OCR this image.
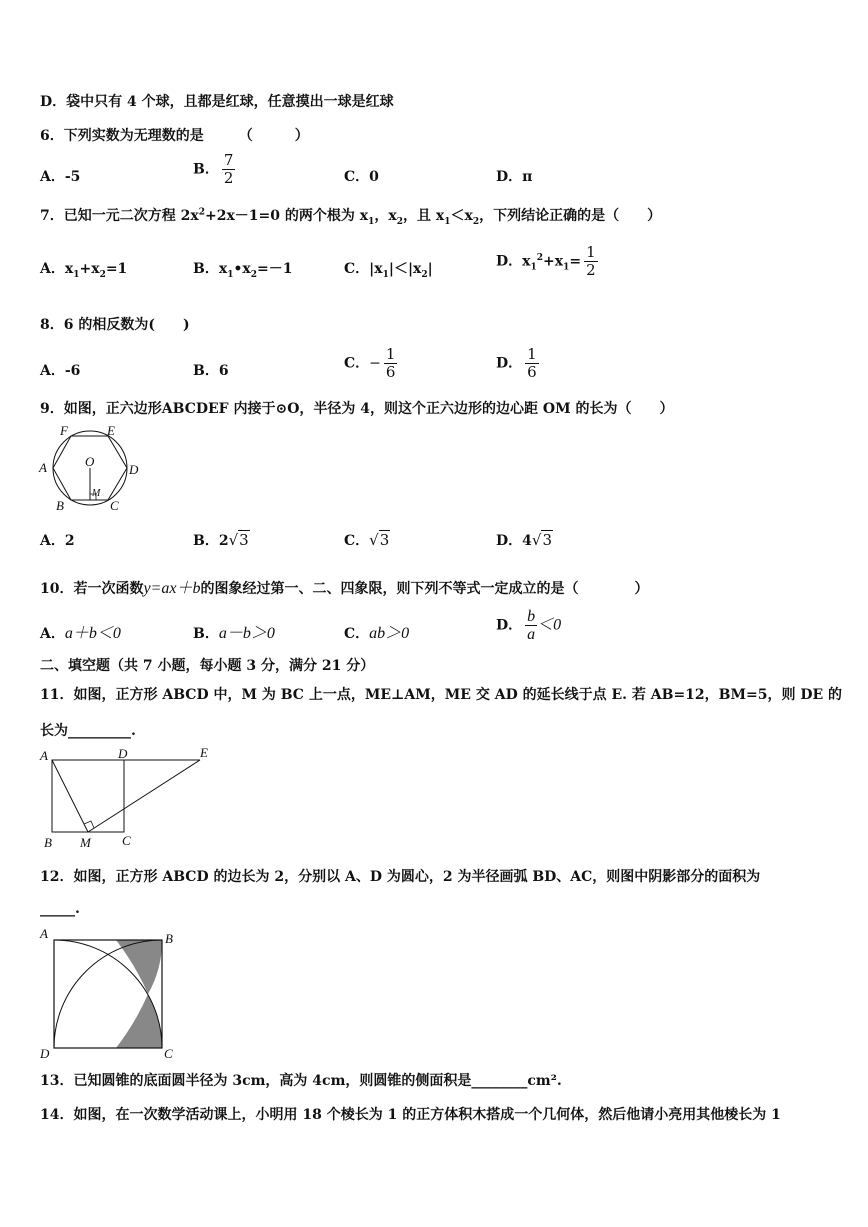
D．袋中只有 4 个球，且都是红球，任意摸出一球是红球
6．下列实数为无理数的是　　　（　　　）
A．-5	B． $\frac{7}{2}$	C．0	D．π
7．已知一元二次方程 $2x^2+2x-1=0$ 的两个根为 $x_1$，$x_2$，且 $x_1<x_2$，下列结论正确的是（　　）
A．$x_1+x_2=1$	B．$x_1•x_2=-1$	C．$|x_1|<|x_2|$	D．$x_1^2+x_1= \frac{1}{2}$
8．6 的相反数为(　　)
A．-6	B．6	C．− $\frac{1}{6}$	D． $\frac{1}{6}$
9．如图，正六边形ABCDEF 内接于⊙O，半径为 4，则这个正六边形的边心距 OM 的长为（　　）
F	E
A	D
O
B
M
C
A．2	B．2√3	C．√3	D．4√3
10．若一次函数y=ax＋b的图象经过第一、二、四象限，则下列不等式一定成立的是（　　　　）
A．a＋b＜0	B．a－b＞0	C．ab＞0	D． $\frac{b}{a} <0$
二、填空题（共 7 小题，每小题 3 分，满分 21 分）
11．如图，正方形 ABCD 中，M 为 BC 上一点，ME⊥AM，ME 交 AD 的延长线于点 E. 若 AB=12，BM=5，则 DE 的
长为_________.
A	D	E
B M C
12．如图，正方形 ABCD 的边长为 2，分别以 A、D 为圆心，2 为半径画弧 BD、AC，则图中阴影部分的面积为
_____.
A	B
D	C
13．已知圆锥的底面圆半径为 3cm，高为 4cm，则圆锥的侧面积是________cm².
14．如图，在一次数学活动课上，小明用 18 个棱长为 1 的正方体积木搭成一个几何体，然后他请小亮用其他棱长为 1
